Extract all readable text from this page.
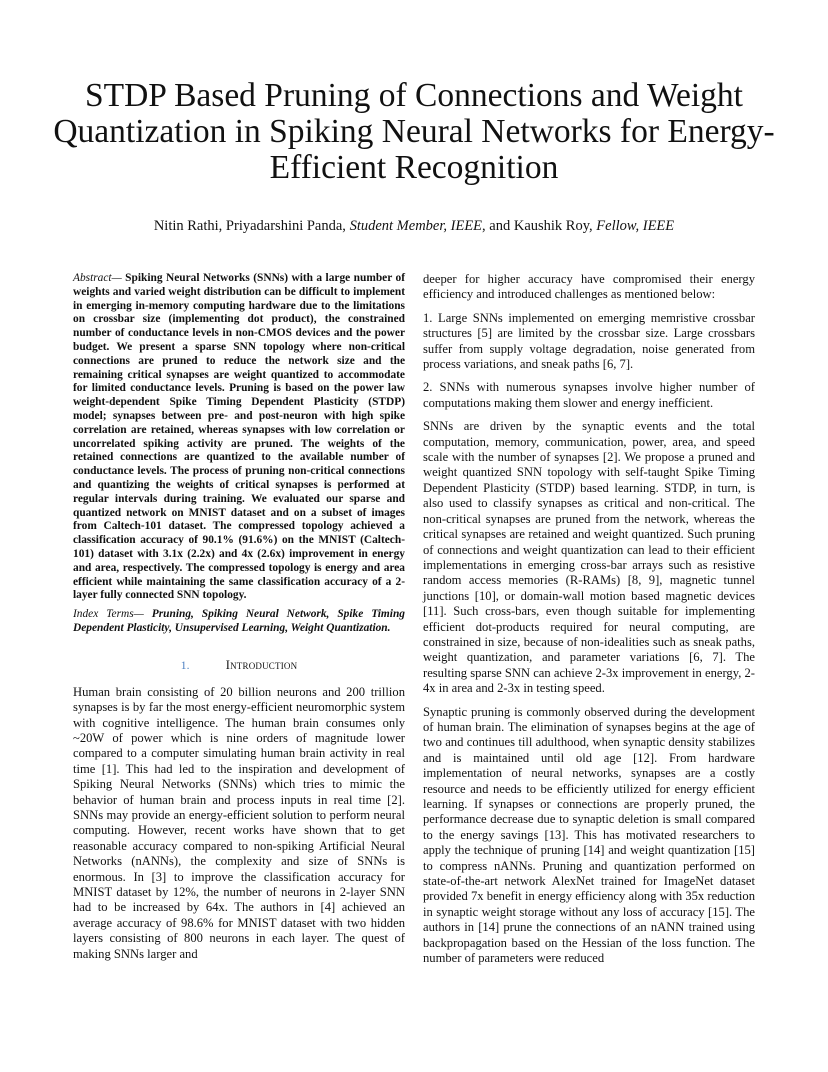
STDP Based Pruning of Connections and Weight
Quantization in Spiking Neural Networks for Energy-
Efficient Recognition
Nitin Rathi, Priyadarshini Panda, Student Member, IEEE, and Kaushik Roy, Fellow, IEEE

Abstract— Spiking Neural Networks (SNNs) with a large number of weights and varied weight distribution can be difficult to implement in emerging in-memory computing hardware due to the limitations on crossbar size (implementing dot product), the constrained number of conductance levels in non-CMOS devices and the power budget. We present a sparse SNN topology where non-critical connections are pruned to reduce the network size and the remaining critical synapses are weight quantized to accommodate for limited conductance levels. Pruning is based on the power law weight-dependent Spike Timing Dependent Plasticity (STDP) model; synapses between pre- and post-neuron with high spike correlation are retained, whereas synapses with low correlation or uncorrelated spiking activity are pruned. The weights of the retained connections are quantized to the available number of conductance levels. The process of pruning non-critical connections and quantizing the weights of critical synapses is performed at regular intervals during training. We evaluated our sparse and quantized network on MNIST dataset and on a subset of images from Caltech-101 dataset. The compressed topology achieved a classification accuracy of 90.1% (91.6%) on the MNIST (Caltech-101) dataset with 3.1x (2.2x) and 4x (2.6x) improvement in energy and area, respectively. The compressed topology is energy and area efficient while maintaining the same classification accuracy of a 2-layer fully connected SNN topology.

Index Terms— Pruning, Spiking Neural Network, Spike Timing Dependent Plasticity, Unsupervised Learning, Weight Quantization.

1.	Introduction

Human brain consisting of 20 billion neurons and 200 trillion synapses is by far the most energy-efficient neuromorphic system with cognitive intelligence. The human brain consumes only ~20W of power which is nine orders of magnitude lower compared to a computer simulating human brain activity in real time [1]. This had led to the inspiration and development of Spiking Neural Networks (SNNs) which tries to mimic the behavior of human brain and process inputs in real time [2]. SNNs may provide an energy-efficient solution to perform neural computing. However, recent works have shown that to get reasonable accuracy compared to non-spiking Artificial Neural Networks (nANNs), the complexity and size of SNNs is enormous. In [3] to improve the classification accuracy for MNIST dataset by 12%, the number of neurons in 2-layer SNN had to be increased by 64x. The authors in [4] achieved an average accuracy of 98.6% for MNIST dataset with two hidden layers consisting of 800 neurons in each layer. The quest of making SNNs larger and

deeper for higher accuracy have compromised their energy efficiency and introduced challenges as mentioned below:

1. Large SNNs implemented on emerging memristive crossbar structures [5] are limited by the crossbar size. Large crossbars suffer from supply voltage degradation, noise generated from process variations, and sneak paths [6, 7].

2. SNNs with numerous synapses involve higher number of computations making them slower and energy inefficient.

SNNs are driven by the synaptic events and the total computation, memory, communication, power, area, and speed scale with the number of synapses [2]. We propose a pruned and weight quantized SNN topology with self-taught Spike Timing Dependent Plasticity (STDP) based learning. STDP, in turn, is also used to classify synapses as critical and non-critical. The non-critical synapses are pruned from the network, whereas the critical synapses are retained and weight quantized. Such pruning of connections and weight quantization can lead to their efficient implementations in emerging cross-bar arrays such as resistive random access memories (R-RAMs) [8, 9], magnetic tunnel junctions [10], or domain-wall motion based magnetic devices [11]. Such cross-bars, even though suitable for implementing efficient dot-products required for neural computing, are constrained in size, because of non-idealities such as sneak paths, weight quantization, and parameter variations [6, 7]. The resulting sparse SNN can achieve 2-3x improvement in energy, 2-4x in area and 2-3x in testing speed.

Synaptic pruning is commonly observed during the development of human brain. The elimination of synapses begins at the age of two and continues till adulthood, when synaptic density stabilizes and is maintained until old age [12]. From hardware implementation of neural networks, synapses are a costly resource and needs to be efficiently utilized for energy efficient learning. If synapses or connections are properly pruned, the performance decrease due to synaptic deletion is small compared to the energy savings [13]. This has motivated researchers to apply the technique of pruning [14] and weight quantization [15] to compress nANNs. Pruning and quantization performed on state-of-the-art network AlexNet trained for ImageNet dataset provided 7x benefit in energy efficiency along with 35x reduction in synaptic weight storage without any loss of accuracy [15]. The authors in [14] prune the connections of an nANN trained using backpropagation based on the Hessian of the loss function. The number of parameters were reduced
